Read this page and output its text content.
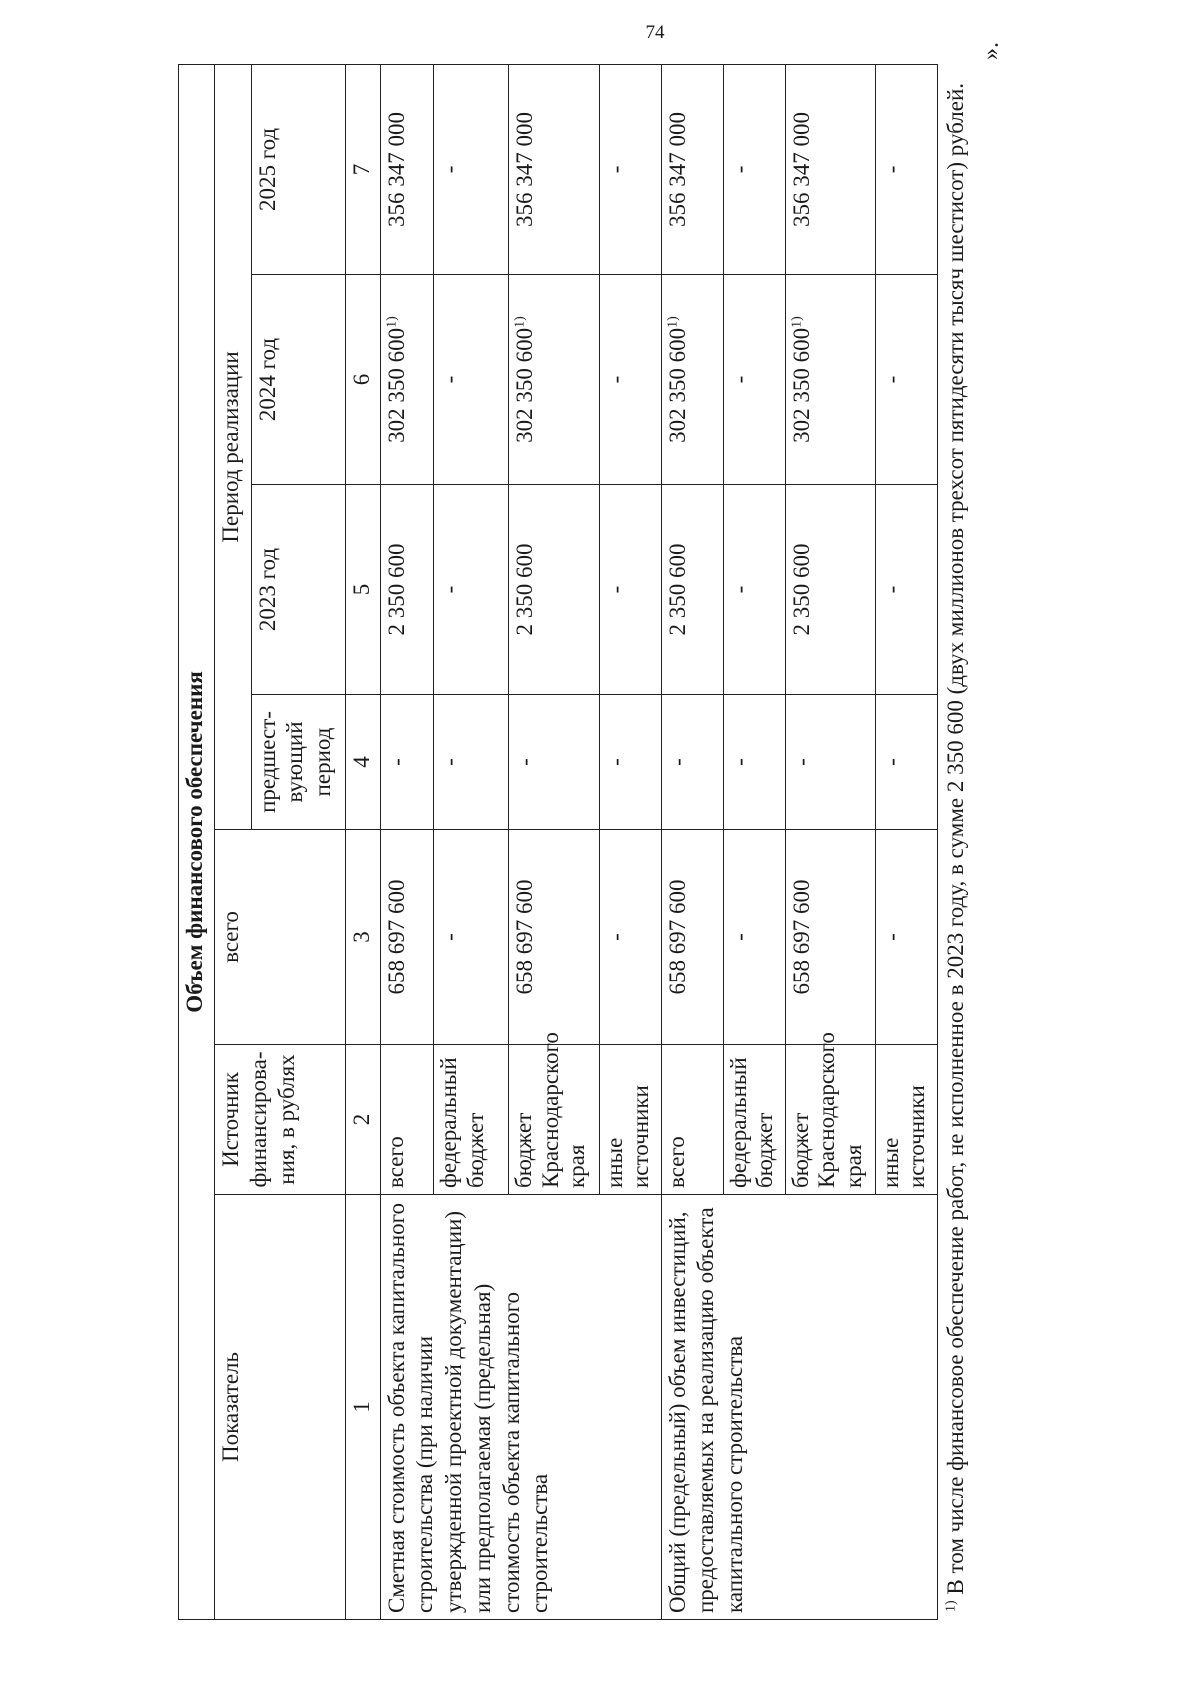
74
Объем финансового обеспечения						
Показатель	Источник финансирова-ния, в рублях	всего	Период реализации			
			предшест-вующий период	2023 год	2024 год	2025 год
1	2	3	4	5	6	7
Сметная стоимость объекта капитального строительства (при наличии утвержденной проектной документации) или предполагаемая (предельная) стоимость объекта капитального строительства	всего	658 697 600	-	2 350 600	302 350 600$^{1)}$	356 347 000
	федеральный бюджет	-	-	-	-	-
	бюджет Краснодарского края	658 697 600	-	2 350 600	302 350 600$^{1)}$	356 347 000
	иные источники	-	-	-	-	-
Общий (предельный) объем инвестиций, предоставляемых на реализацию объекта капитального строительства	всего	658 697 600	-	2 350 600	302 350 600$^{1)}$	356 347 000
	федеральный бюджет	-	-	-	-	-
	бюджет Краснодарского края	658 697 600	-	2 350 600	302 350 600$^{1)}$	356 347 000
	иные источники	-	-	-	-	-
$^{1)}$ В том числе финансовое обеспечение работ, не исполненное в 2023 году, в сумме 2 350 600 (двух миллионов трехсот пятидесяти тысяч шестисот) рублей.
».
